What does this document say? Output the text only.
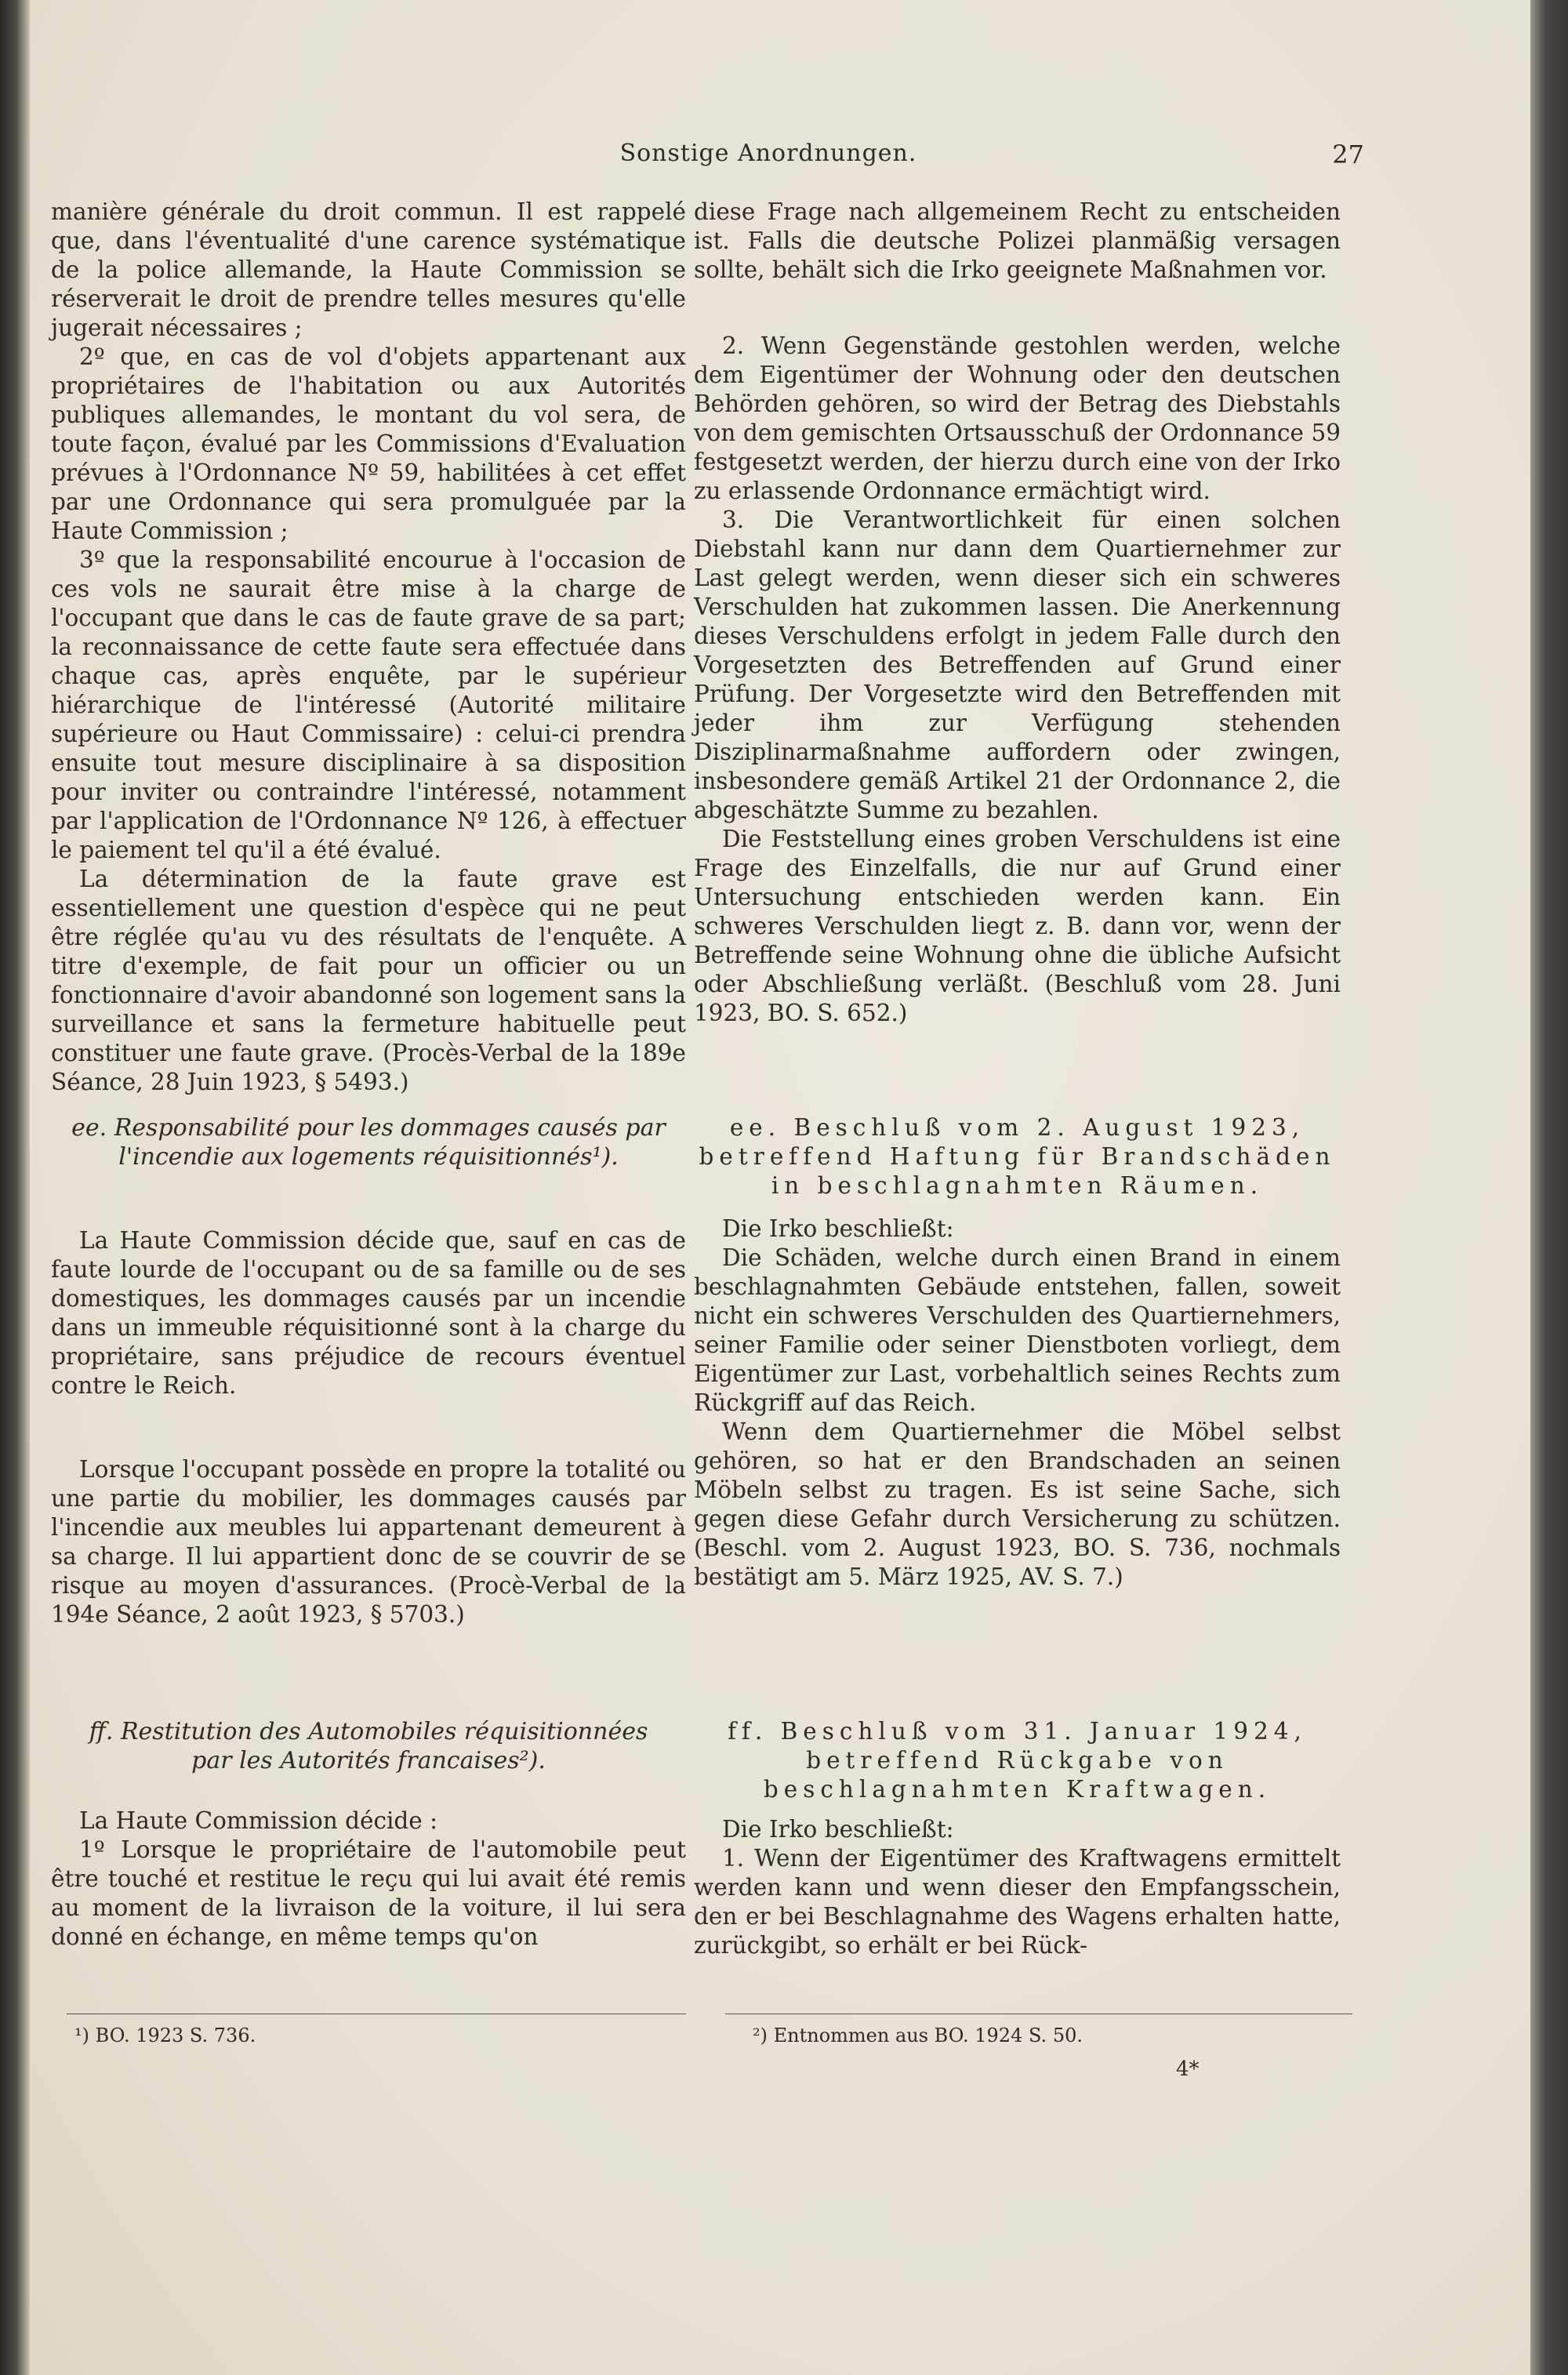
Sonstige Anordnungen.	27

manière générale du droit commun. Il est rappelé que, dans l'éventualité d'une carence systématique de la police allemande, la Haute Commission se réserverait le droit de prendre telles mesures qu'elle jugerait nécessaires ;

2º que, en cas de vol d'objets appartenant aux propriétaires de l'habitation ou aux Autorités publiques allemandes, le montant du vol sera, de toute façon, évalué par les Commissions d'Evaluation prévues à l'Ordonnance Nº 59, habilitées à cet effet par une Ordonnance qui sera promulguée par la Haute Commission ;

3º que la responsabilité encourue à l'occasion de ces vols ne saurait être mise à la charge de l'occupant que dans le cas de faute grave de sa part; la reconnaissance de cette faute sera effectuée dans chaque cas, après enquête, par le supérieur hiérarchique de l'intéressé (Autorité militaire supérieure ou Haut Commissaire) : celui-ci prendra ensuite tout mesure disciplinaire à sa disposition pour inviter ou contraindre l'intéressé, notamment par l'application de l'Ordonnance Nº 126, à effectuer le paiement tel qu'il a été évalué.

La détermination de la faute grave est essentiellement une question d'espèce qui ne peut être réglée qu'au vu des résultats de l'enquête. A titre d'exemple, de fait pour un officier ou un fonctionnaire d'avoir abandonné son logement sans la surveillance et sans la fermeture habituelle peut constituer une faute grave. (Procès-Verbal de la 189e Séance, 28 Juin 1923, § 5493.)

ee. Responsabilité pour les dommages causés par l'incendie aux logements réquisitionnés¹).

La Haute Commission décide que, sauf en cas de faute lourde de l'occupant ou de sa famille ou de ses domestiques, les dommages causés par un incendie dans un immeuble réquisitionné sont à la charge du propriétaire, sans préjudice de recours éventuel contre le Reich.

Lorsque l'occupant possède en propre la totalité ou une partie du mobilier, les dommages causés par l'incendie aux meubles lui appartenant demeurent à sa charge. Il lui appartient donc de se couvrir de se risque au moyen d'assurances. (Procè-Verbal de la 194e Séance, 2 août 1923, § 5703.)

ff. Restitution des Automobiles réquisitionnées par les Autorités francaises²).

La Haute Commission décide :

1º Lorsque le propriétaire de l'automobile peut être touché et restitue le reçu qui lui avait été remis au moment de la livraison de la voiture, il lui sera donné en échange, en même temps qu'on

diese Frage nach allgemeinem Recht zu entscheiden ist. Falls die deutsche Polizei planmäßig versagen sollte, behält sich die Irko geeignete Maßnahmen vor.

2. Wenn Gegenstände gestohlen werden, welche dem Eigentümer der Wohnung oder den deutschen Behörden gehören, so wird der Betrag des Diebstahls von dem gemischten Ortsausschuß der Ordonnance 59 festgesetzt werden, der hierzu durch eine von der Irko zu erlassende Ordonnance ermächtigt wird.

3. Die Verantwortlichkeit für einen solchen Diebstahl kann nur dann dem Quartiernehmer zur Last gelegt werden, wenn dieser sich ein schweres Verschulden hat zukommen lassen. Die Anerkennung dieses Verschuldens erfolgt in jedem Falle durch den Vorgesetzten des Betreffenden auf Grund einer Prüfung. Der Vorgesetzte wird den Betreffenden mit jeder ihm zur Verfügung stehenden Disziplinarmaßnahme auffordern oder zwingen, insbesondere gemäß Artikel 21 der Ordonnance 2, die abgeschätzte Summe zu bezahlen.

Die Feststellung eines groben Verschuldens ist eine Frage des Einzelfalls, die nur auf Grund einer Untersuchung entschieden werden kann. Ein schweres Verschulden liegt z. B. dann vor, wenn der Betreffende seine Wohnung ohne die übliche Aufsicht oder Abschließung verläßt. (Beschluß vom 28. Juni 1923, BO. S. 652.)

ee. Beschluß vom 2. August 1923, betreffend Haftung für Brandschäden in beschlagnahmten Räumen.

Die Irko beschließt:

Die Schäden, welche durch einen Brand in einem beschlagnahmten Gebäude entstehen, fallen, soweit nicht ein schweres Verschulden des Quartiernehmers, seiner Familie oder seiner Dienstboten vorliegt, dem Eigentümer zur Last, vorbehaltlich seines Rechts zum Rückgriff auf das Reich.

Wenn dem Quartiernehmer die Möbel selbst gehören, so hat er den Brandschaden an seinen Möbeln selbst zu tragen. Es ist seine Sache, sich gegen diese Gefahr durch Versicherung zu schützen. (Beschl. vom 2. August 1923, BO. S. 736, nochmals bestätigt am 5. März 1925, AV. S. 7.)

ff. Beschluß vom 31. Januar 1924, betreffend Rückgabe von beschlagnahmten Kraftwagen.

Die Irko beschließt:

1. Wenn der Eigentümer des Kraftwagens ermittelt werden kann und wenn dieser den Empfangsschein, den er bei Beschlagnahme des Wagens erhalten hatte, zurückgibt, so erhält er bei Rück-

¹) BO. 1923 S. 736.	²) Entnommen aus BO. 1924 S. 50.
4*
